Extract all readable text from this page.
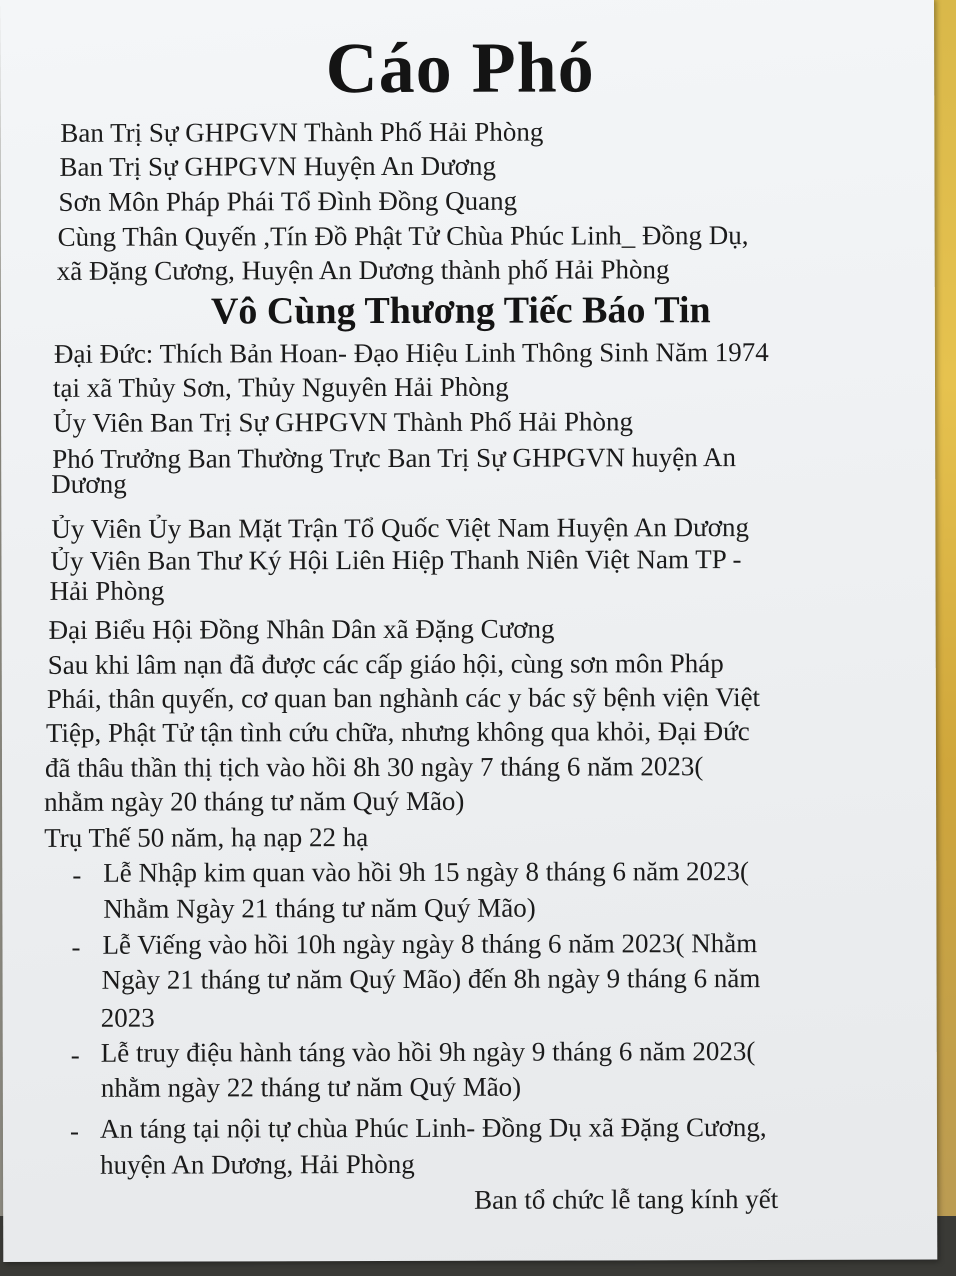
Cáo Phó

Ban Trị Sự GHPGVN Thành Phố Hải Phòng

Ban Trị Sự GHPGVN Huyện An Dương

Sơn Môn Pháp Phái Tổ Đình Đồng Quang

Cùng Thân Quyến ,Tín Đồ Phật Tử Chùa Phúc Linh_ Đồng Dụ,

xã Đặng Cương, Huyện An Dương thành phố Hải Phòng

Vô Cùng Thương Tiếc Báo Tin

Đại Đức: Thích Bản Hoan- Đạo Hiệu Linh Thông Sinh Năm 1974

tại xã Thủy Sơn, Thủy Nguyên Hải Phòng

Ủy Viên Ban Trị Sự GHPGVN Thành Phố Hải Phòng

Phó Trưởng Ban Thường Trực Ban Trị Sự GHPGVN huyện An

Dương

Ủy Viên Ủy Ban Mặt Trận Tổ Quốc Việt Nam Huyện An Dương

Ủy Viên Ban Thư Ký Hội Liên Hiệp Thanh Niên Việt Nam TP -

Hải Phòng

Đại Biểu Hội Đồng Nhân Dân xã Đặng Cương

Sau khi lâm nạn đã được các cấp giáo hội, cùng sơn môn Pháp

Phái, thân quyến, cơ quan ban nghành các y bác sỹ bệnh viện Việt

Tiệp, Phật Tử tận tình cứu chữa, nhưng không qua khỏi, Đại Đức

đã thâu thần thị tịch vào hồi 8h 30 ngày 7 tháng 6 năm 2023(

nhằm ngày 20 tháng tư năm Quý Mão)

Trụ Thế 50 năm, hạ nạp 22 hạ

- Lễ Nhập kim quan vào hồi 9h 15 ngày 8 tháng 6 năm 2023(

Nhằm Ngày 21 tháng tư năm Quý Mão)

- Lễ Viếng vào hồi 10h ngày ngày 8 tháng 6 năm 2023( Nhằm

Ngày 21 tháng tư năm Quý Mão) đến 8h ngày 9 tháng 6 năm

2023

- Lễ truy điệu hành táng vào hồi 9h ngày 9 tháng 6 năm 2023(

nhằm ngày 22 tháng tư năm Quý Mão)

- An táng tại nội tự chùa Phúc Linh- Đồng Dụ xã Đặng Cương,

huyện An Dương, Hải Phòng

Ban tổ chức lễ tang kính yết
